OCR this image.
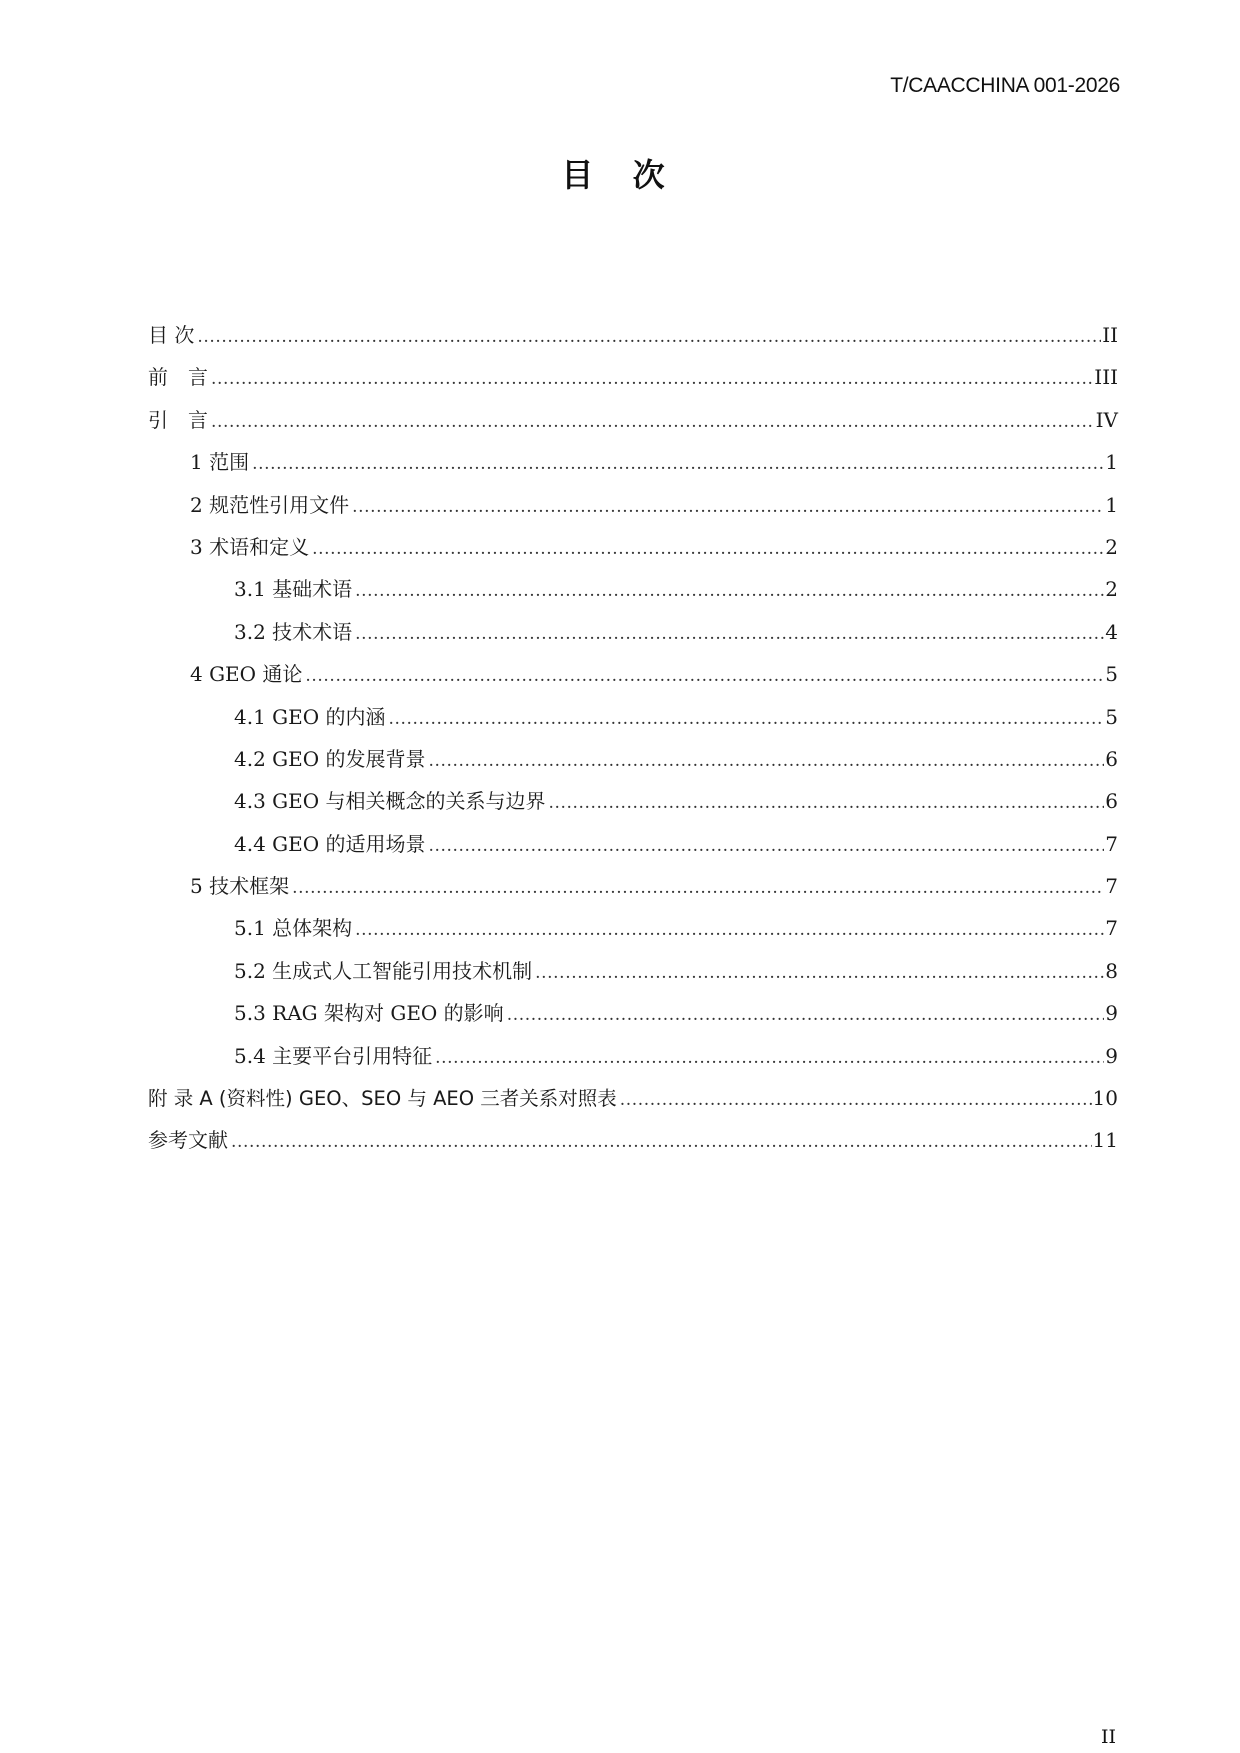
T/CAACCHINA 001-2026
目 次
目 次 .....	II
前　言 .....	III
引　言 .....	IV
1 范围 .....	1
2 规范性引用文件 .....	1
3 术语和定义 .....	2
3.1 基础术语 .....	2
3.2 技术术语 .....	4
4 GEO 通论 .....	5
4.1 GEO 的内涵 .....	5
4.2 GEO 的发展背景 .....	6
4.3 GEO 与相关概念的关系与边界 .....	6
4.4 GEO 的适用场景 .....	7
5 技术框架 .....	7
5.1 总体架构 .....	7
5.2 生成式人工智能引用技术机制 .....	8
5.3 RAG 架构对 GEO 的影响 .....	9
5.4 主要平台引用特征 .....	9
附 录 A (资料性) GEO、SEO 与 AEO 三者关系对照表 .....	10
参考文献 .....	11
II
